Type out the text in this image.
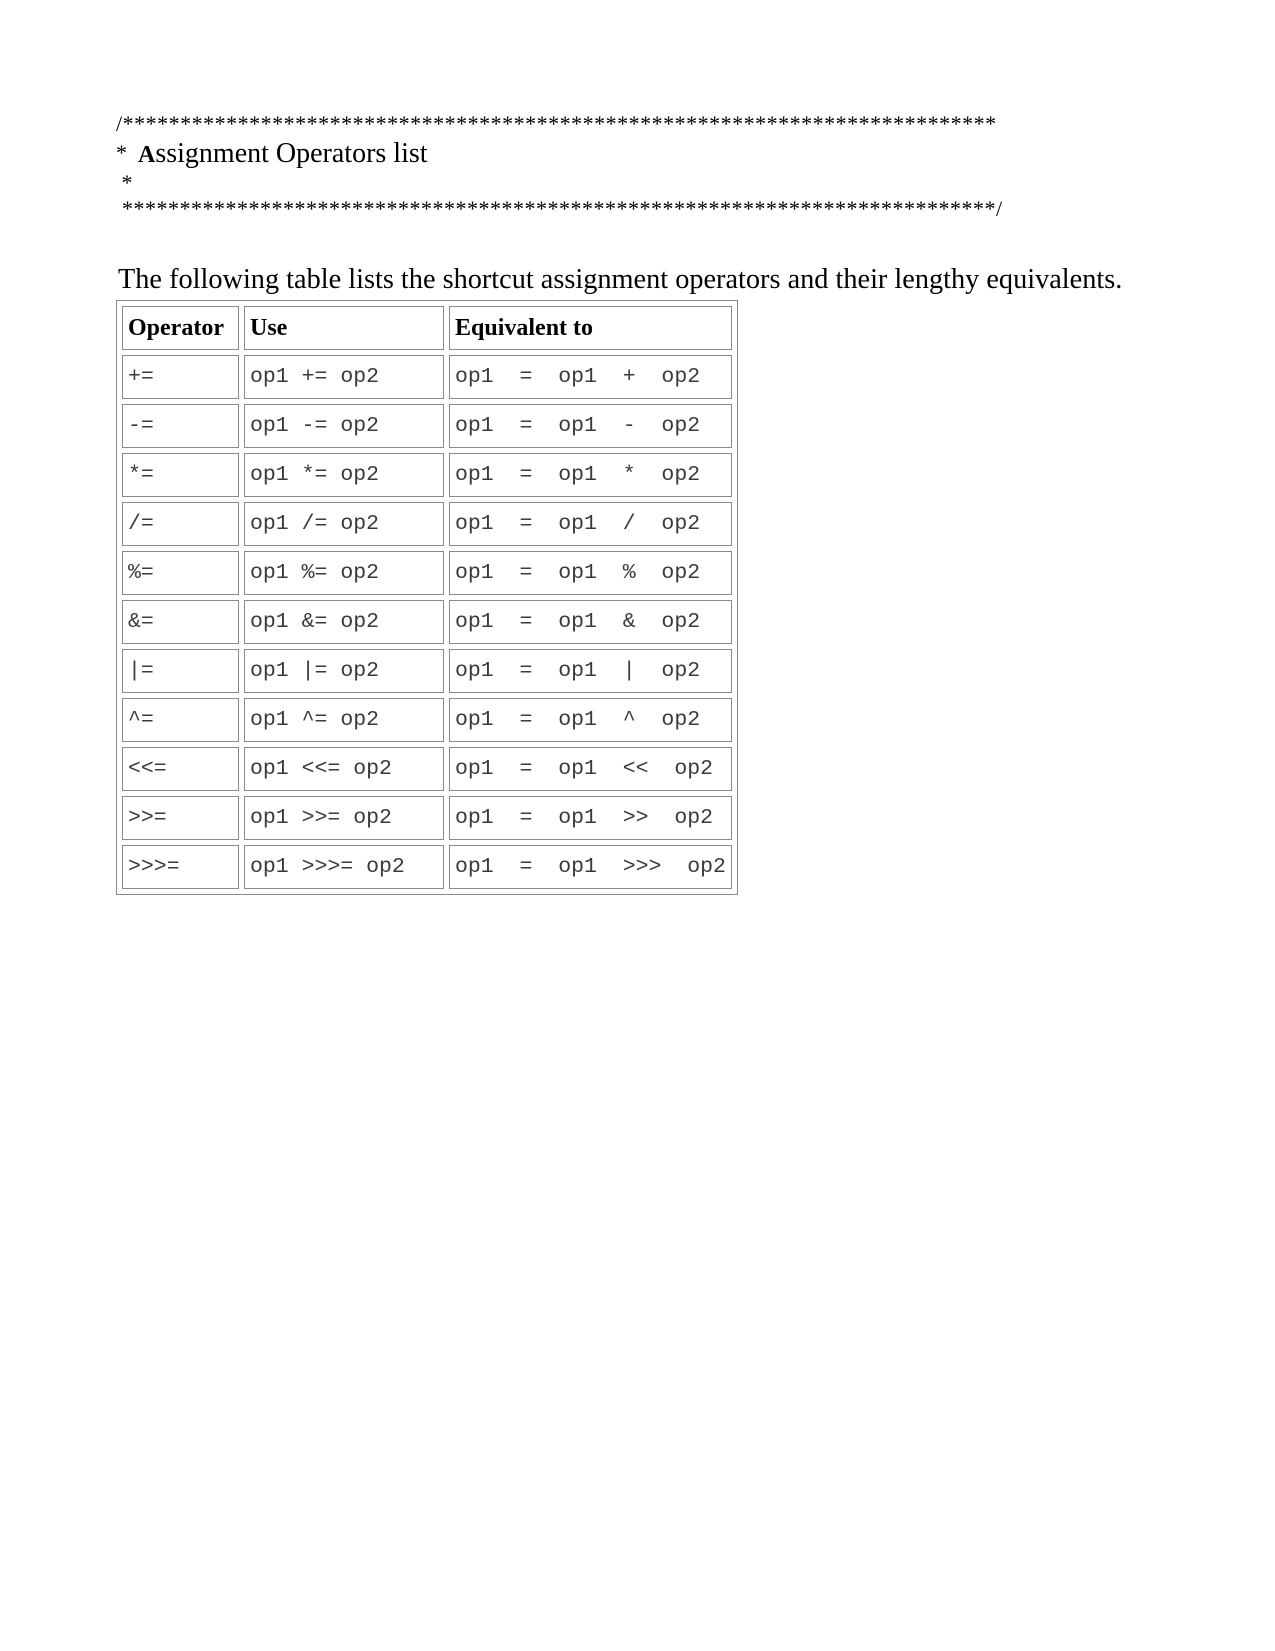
/****************************************************************************
*  Assignment Operators list
*
****************************************************************************/

The following table lists the shortcut assignment operators and their lengthy equivalents.

Operator	Use	Equivalent to
+=	op1 += op2	op1  =  op1  +  op2
-=	op1 -= op2	op1  =  op1  -  op2
*=	op1 *= op2	op1  =  op1  *  op2
/=	op1 /= op2	op1  =  op1  /  op2
%=	op1 %= op2	op1  =  op1  %  op2
&=	op1 &= op2	op1  =  op1  &  op2
|=	op1 |= op2	op1  =  op1  |  op2
^=	op1 ^= op2	op1  =  op1  ^  op2
<<=	op1 <<= op2	op1  =  op1  <<  op2
>>=	op1 >>= op2	op1  =  op1  >>  op2
>>>=	op1 >>>= op2	op1  =  op1  >>>  op2
